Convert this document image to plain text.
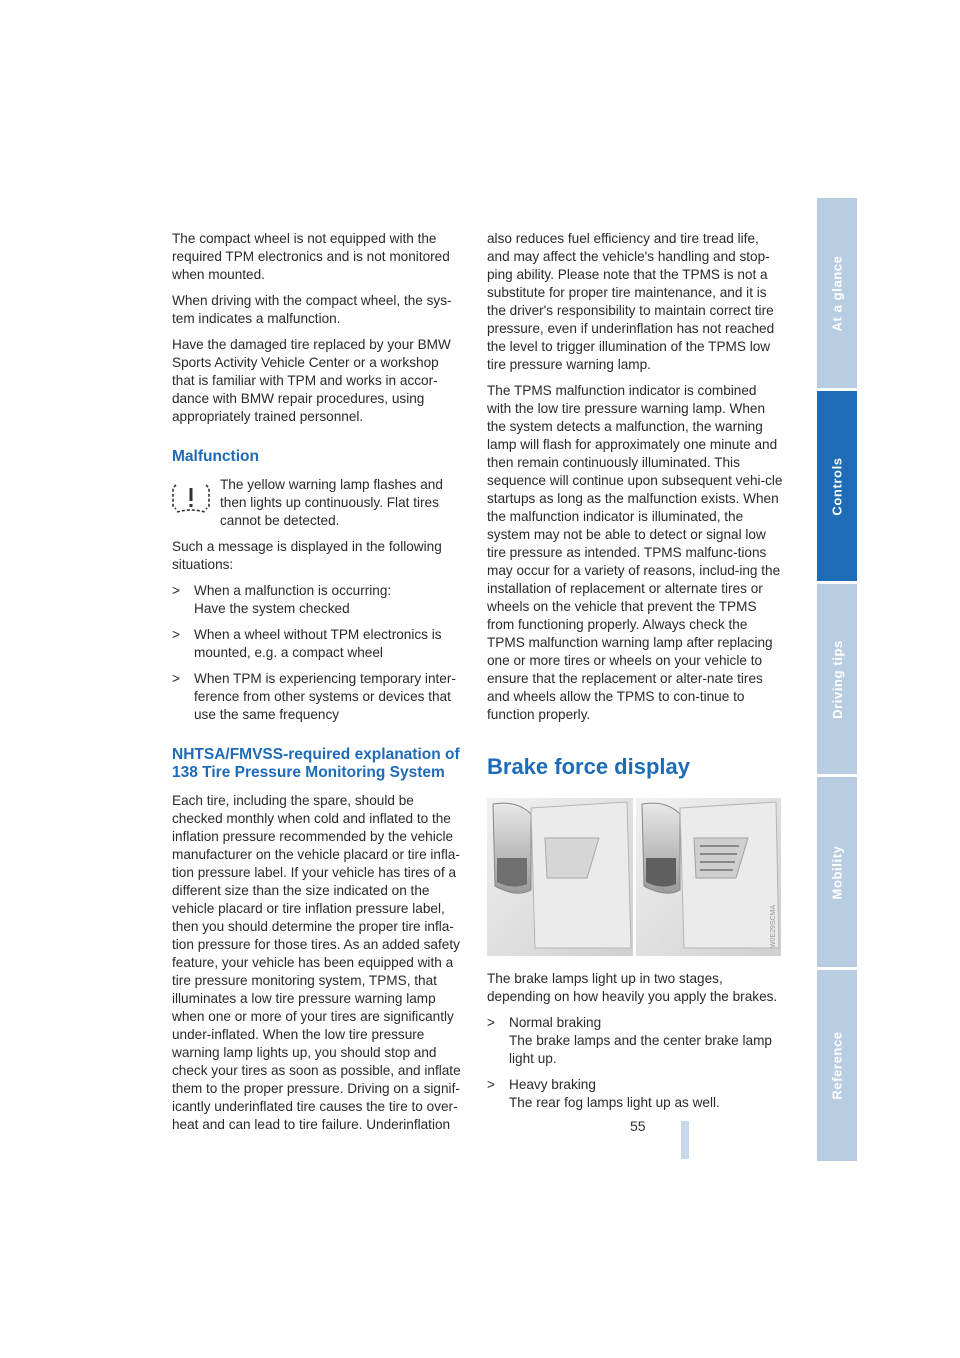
The compact wheel is not equipped with the required TPM electronics and is not monitored when mounted.

When driving with the compact wheel, the sys-tem indicates a malfunction.

Have the damaged tire replaced by your BMW Sports Activity Vehicle Center or a workshop that is familiar with TPM and works in accor-dance with BMW repair procedures, using appropriately trained personnel.

Malfunction
The yellow warning lamp flashes and then lights up continuously. Flat tires cannot be detected.

Such a message is displayed in the following situations:

> When a malfunction is occurring:
Have the system checked
> When a wheel without TPM electronics is mounted, e.g. a compact wheel
> When TPM is experiencing temporary inter-ference from other systems or devices that use the same frequency
NHTSA/FMVSS-required explanation of 138 Tire Pressure Monitoring System

Each tire, including the spare, should be checked monthly when cold and inflated to the inflation pressure recommended by the vehicle manufacturer on the vehicle placard or tire infla-tion pressure label. If your vehicle has tires of a different size than the size indicated on the vehicle placard or tire inflation pressure label, then you should determine the proper tire infla-tion pressure for those tires. As an added safety feature, your vehicle has been equipped with a tire pressure monitoring system, TPMS, that illuminates a low tire pressure warning lamp when one or more of your tires are significantly under-inflated. When the low tire pressure warning lamp lights up, you should stop and check your tires as soon as possible, and inflate them to the proper pressure. Driving on a signif-icantly underinflated tire causes the tire to over-heat and can lead to tire failure. Underinflation

also reduces fuel efficiency and tire tread life, and may affect the vehicle's handling and stop-ping ability. Please note that the TPMS is not a substitute for proper tire maintenance, and it is the driver's responsibility to maintain correct tire pressure, even if underinflation has not reached the level to trigger illumination of the TPMS low tire pressure warning lamp.

The TPMS malfunction indicator is combined with the low tire pressure warning lamp. When the system detects a malfunction, the warning lamp will flash for approximately one minute and then remain continuously illuminated. This sequence will continue upon subsequent vehi-cle startups as long as the malfunction exists. When the malfunction indicator is illuminated, the system may not be able to detect or signal low tire pressure as intended. TPMS malfunc-tions may occur for a variety of reasons, includ-ing the installation of replacement or alternate tires or wheels on the vehicle that prevent the TPMS from functioning properly. Always check the TPMS malfunction warning lamp after replacing one or more tires or wheels on your vehicle to ensure that the replacement or alter-nate tires and wheels allow the TPMS to con-tinue to function properly.

Brake force display
W0E29SCMA

The brake lamps light up in two stages, depending on how heavily you apply the brakes.

> Normal braking
The brake lamps and the center brake lamp light up.
> Heavy braking
The rear fog lamps light up as well.
55
At a glance
Controls
Driving tips
Mobility
Reference
